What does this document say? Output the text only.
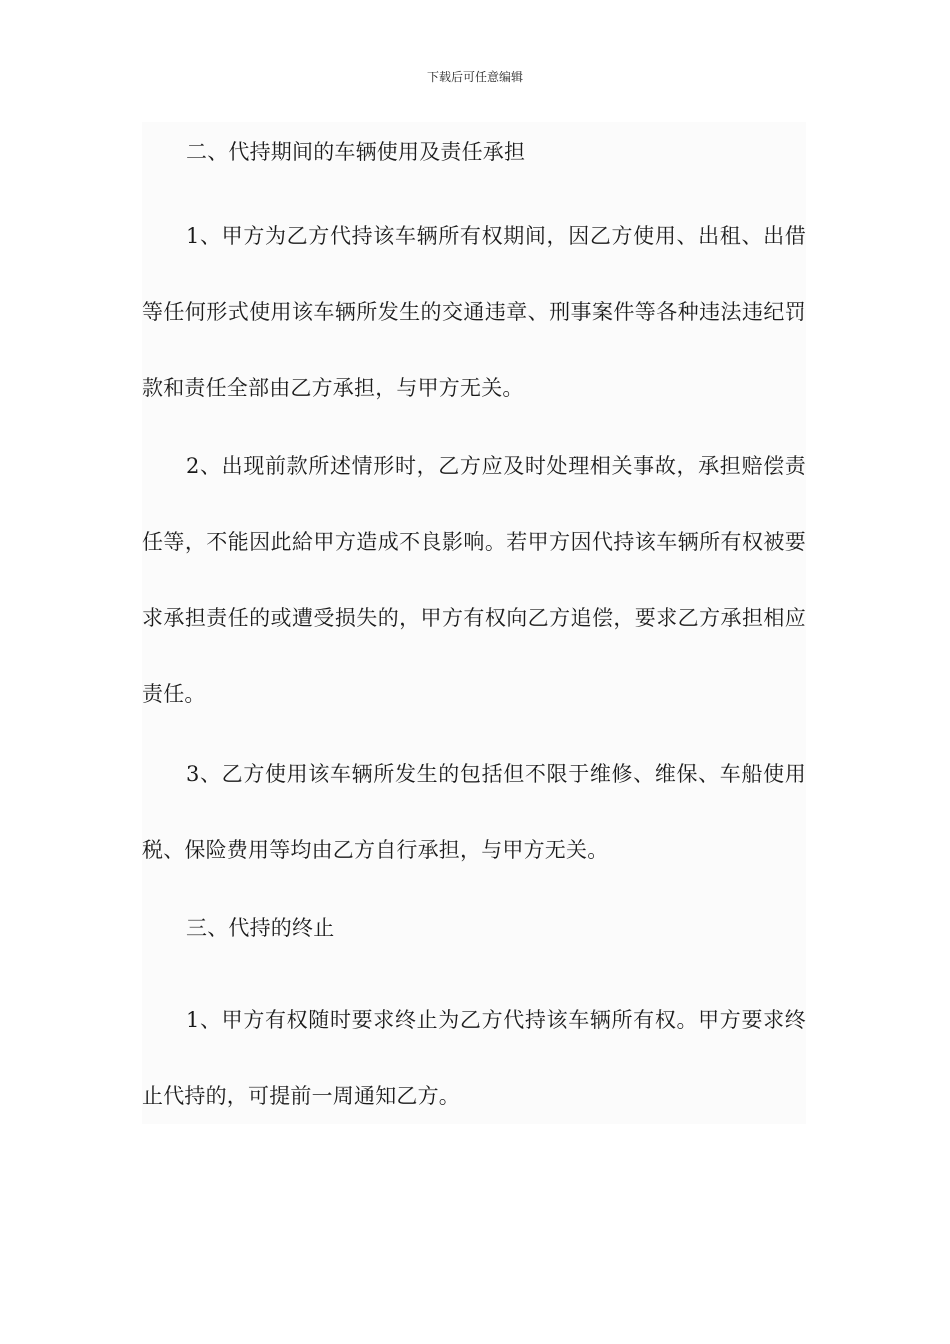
下载后可任意编辑

二、代持期间的车辆使用及责任承担

1、甲方为乙方代持该车辆所有权期间，因乙方使用、出租、出借等任何形式使用该车辆所发生的交通违章、刑事案件等各种违法违纪罚款和责任全部由乙方承担，与甲方无关。

2、出现前款所述情形时，乙方应及时处理相关事故，承担赔偿责任等，不能因此給甲方造成不良影响。若甲方因代持该车辆所有权被要求承担责任的或遭受损失的，甲方有权向乙方追偿，要求乙方承担相应责任。

3、乙方使用该车辆所发生的包括但不限于维修、维保、车船使用税、保险费用等均由乙方自行承担，与甲方无关。

三、代持的终止

1、甲方有权随时要求终止为乙方代持该车辆所有权。甲方要求终止代持的，可提前一周通知乙方。
